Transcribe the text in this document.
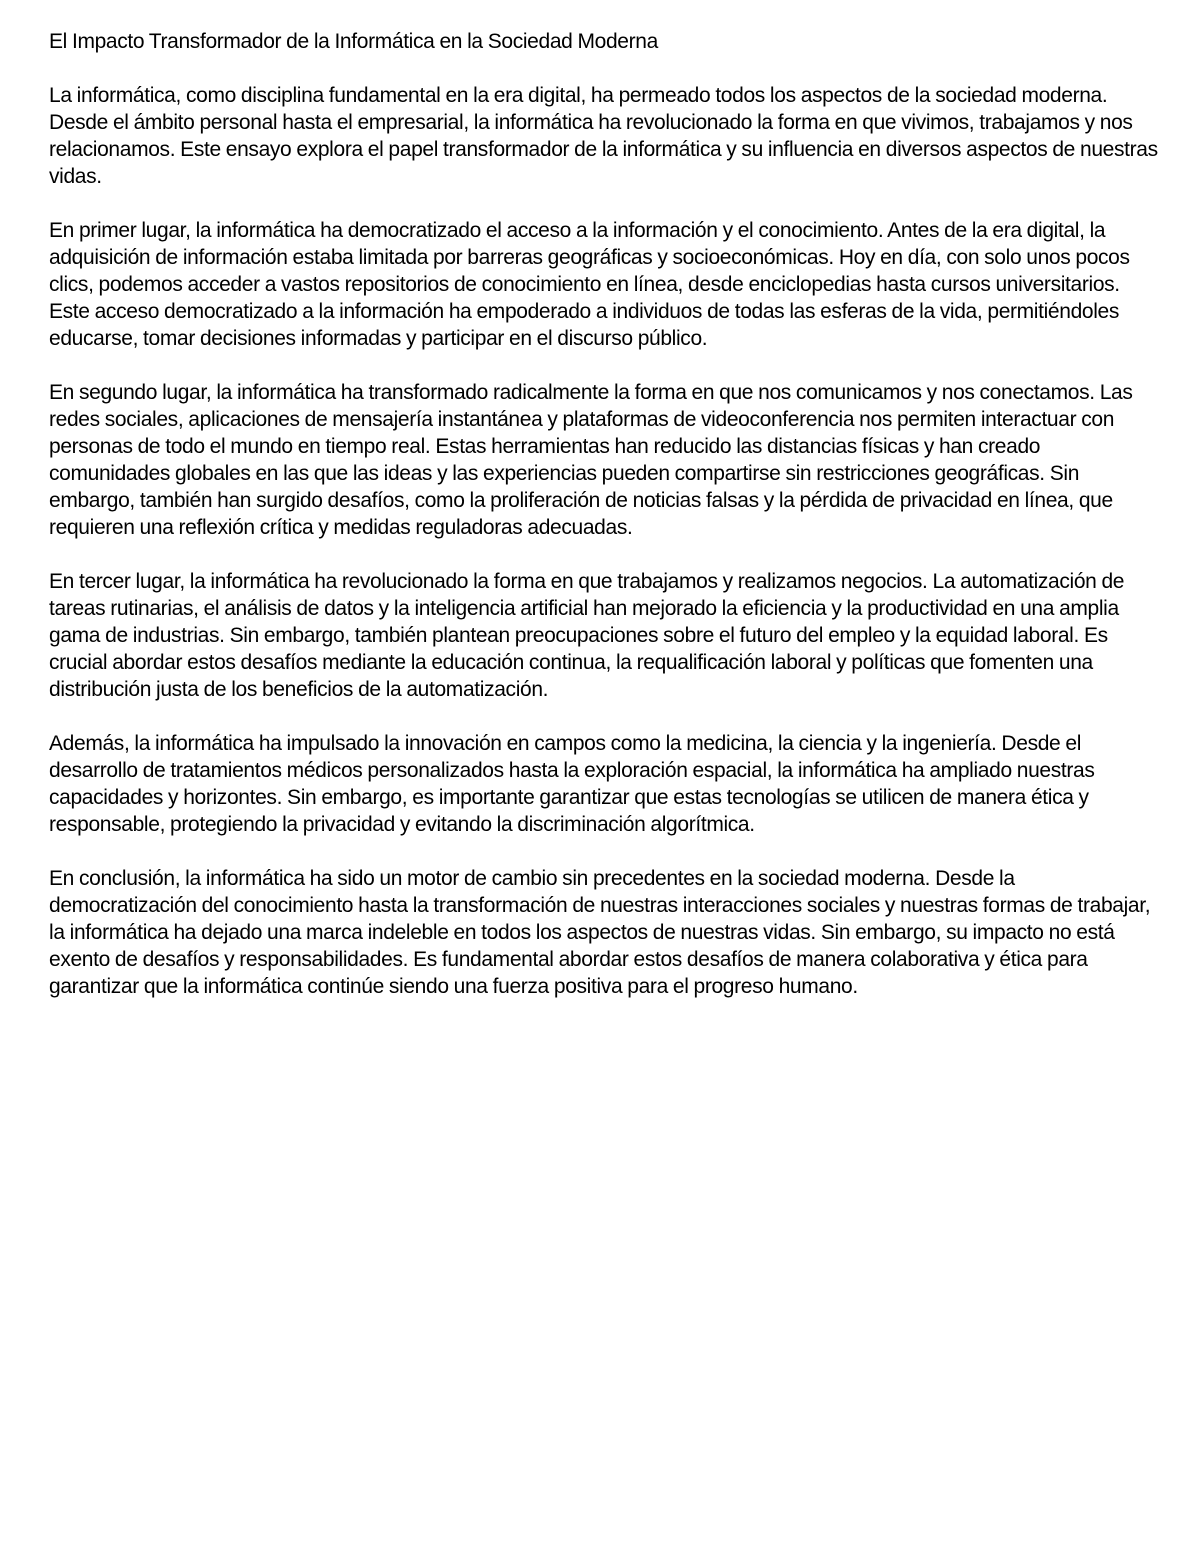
El Impacto Transformador de la Informática en la Sociedad Moderna

La informática, como disciplina fundamental en la era digital, ha permeado todos los aspectos de la sociedad moderna. Desde el ámbito personal hasta el empresarial, la informática ha revolucionado la forma en que vivimos, trabajamos y nos relacionamos. Este ensayo explora el papel transformador de la informática y su influencia en diversos aspectos de nuestras vidas.

En primer lugar, la informática ha democratizado el acceso a la información y el conocimiento. Antes de la era digital, la adquisición de información estaba limitada por barreras geográficas y socioeconómicas. Hoy en día, con solo unos pocos clics, podemos acceder a vastos repositorios de conocimiento en línea, desde enciclopedias hasta cursos universitarios. Este acceso democratizado a la información ha empoderado a individuos de todas las esferas de la vida, permitiéndoles educarse, tomar decisiones informadas y participar en el discurso público.

En segundo lugar, la informática ha transformado radicalmente la forma en que nos comunicamos y nos conectamos. Las redes sociales, aplicaciones de mensajería instantánea y plataformas de videoconferencia nos permiten interactuar con personas de todo el mundo en tiempo real. Estas herramientas han reducido las distancias físicas y han creado comunidades globales en las que las ideas y las experiencias pueden compartirse sin restricciones geográficas. Sin embargo, también han surgido desafíos, como la proliferación de noticias falsas y la pérdida de privacidad en línea, que requieren una reflexión crítica y medidas reguladoras adecuadas.

En tercer lugar, la informática ha revolucionado la forma en que trabajamos y realizamos negocios. La automatización de tareas rutinarias, el análisis de datos y la inteligencia artificial han mejorado la eficiencia y la productividad en una amplia gama de industrias. Sin embargo, también plantean preocupaciones sobre el futuro del empleo y la equidad laboral. Es crucial abordar estos desafíos mediante la educación continua, la requalificación laboral y políticas que fomenten una distribución justa de los beneficios de la automatización.

Además, la informática ha impulsado la innovación en campos como la medicina, la ciencia y la ingeniería. Desde el desarrollo de tratamientos médicos personalizados hasta la exploración espacial, la informática ha ampliado nuestras capacidades y horizontes. Sin embargo, es importante garantizar que estas tecnologías se utilicen de manera ética y responsable, protegiendo la privacidad y evitando la discriminación algorítmica.

En conclusión, la informática ha sido un motor de cambio sin precedentes en la sociedad moderna. Desde la democratización del conocimiento hasta la transformación de nuestras interacciones sociales y nuestras formas de trabajar, la informática ha dejado una marca indeleble en todos los aspectos de nuestras vidas. Sin embargo, su impacto no está exento de desafíos y responsabilidades. Es fundamental abordar estos desafíos de manera colaborativa y ética para garantizar que la informática continúe siendo una fuerza positiva para el progreso humano.
